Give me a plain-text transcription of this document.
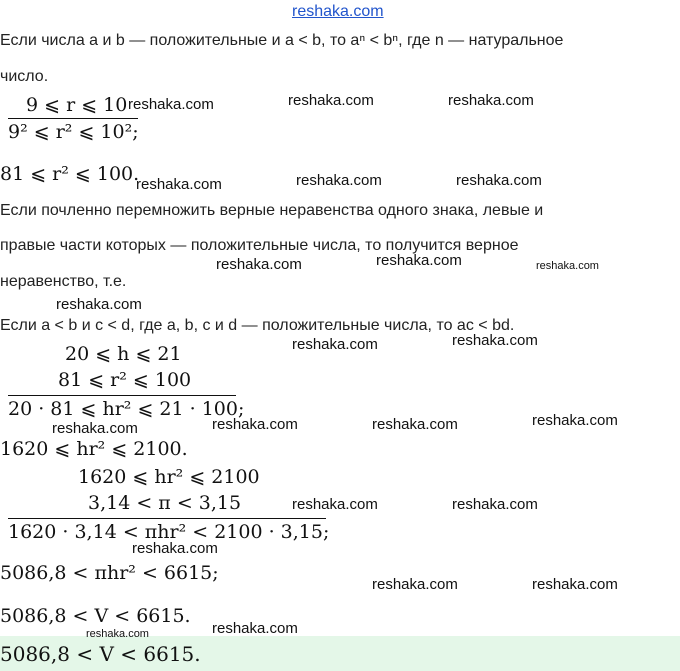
reshaka.com
Если числа a и b — положительные и a < b, то aⁿ < bⁿ, где n — натуральное
число.
9 ⩽ r ⩽ 10
9² ⩽ r² ⩽ 10²;
81 ⩽ r² ⩽ 100.
Если почленно перемножить верные неравенства одного знака, левые и
правые части которых — положительные числа, то получится верное
неравенство, т.е.
Если a < b и c < d, где a, b, c и d — положительные числа, то ac < bd.
20 ⩽ h ⩽ 21
81 ⩽ r² ⩽ 100
20 · 81 ⩽ hr² ⩽ 21 · 100;
1620 ⩽ hr² ⩽ 2100.
1620 ⩽ hr² ⩽ 2100
3,14 < π < 3,15
1620 · 3,14 < πhr² < 2100 · 3,15;
5086,8 < πhr² < 6615;
5086,8 < V < 6615.
5086,8 < V < 6615.
reshaka.com	reshaka.com	reshaka.com
reshaka.com	reshaka.com	reshaka.com
reshaka.com	reshaka.com	reshaka.com
reshaka.com
reshaka.com	reshaka.com
reshaka.com	reshaka.com	reshaka.com	reshaka.com
reshaka.com	reshaka.com
reshaka.com
reshaka.com	reshaka.com
reshaka.com	reshaka.com
